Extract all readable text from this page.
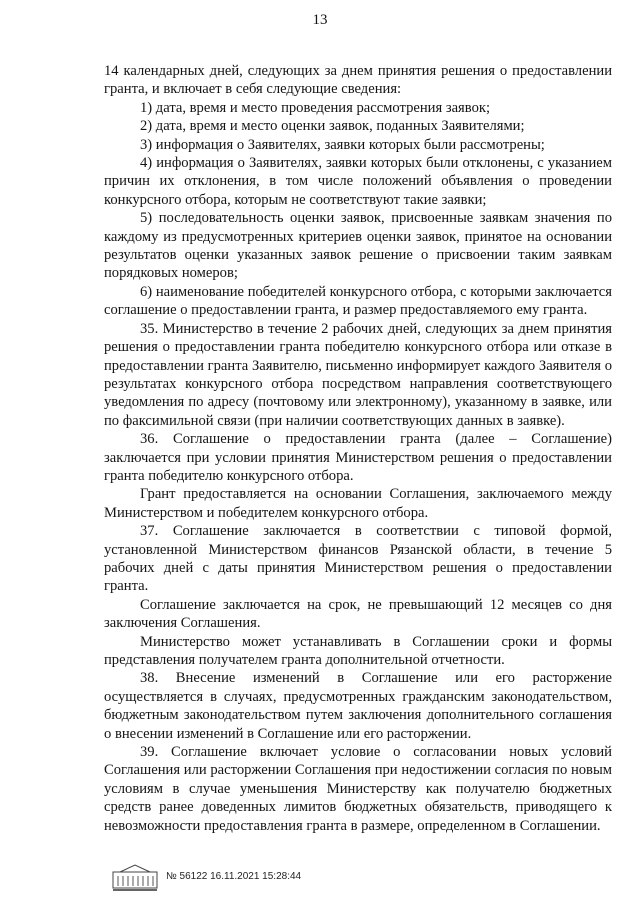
13

14 календарных дней, следующих за днем принятия решения о предоставлении гранта, и включает в себя следующие сведения:

1) дата, время и место проведения рассмотрения заявок;

2) дата, время и место оценки заявок, поданных Заявителями;

3) информация о Заявителях, заявки которых были рассмотрены;

4) информация о Заявителях, заявки которых были отклонены, с указанием причин их отклонения, в том числе положений объявления о проведении конкурсного отбора, которым не соответствуют такие заявки;

5) последовательность оценки заявок, присвоенные заявкам значения по каждому из предусмотренных критериев оценки заявок, принятое на основании результатов оценки указанных заявок решение о присвоении таким заявкам порядковых номеров;

6) наименование победителей конкурсного отбора, с которыми заключается соглашение о предоставлении гранта, и размер предоставляемого ему гранта.

35. Министерство в течение 2 рабочих дней, следующих за днем принятия решения о предоставлении гранта победителю конкурсного отбора или отказе в предоставлении гранта Заявителю, письменно информирует каждого Заявителя о результатах конкурсного отбора посредством направления соответствующего уведомления по адресу (почтовому или электронному), указанному в заявке, или по факсимильной связи (при наличии соответствующих данных в заявке).

36. Соглашение о предоставлении гранта (далее – Соглашение) заключается при условии принятия Министерством решения о предоставлении гранта победителю конкурсного отбора.

Грант предоставляется на основании Соглашения, заключаемого между Министерством и победителем конкурсного отбора.

37. Соглашение заключается в соответствии с типовой формой, установленной Министерством финансов Рязанской области, в течение 5 рабочих дней с даты принятия Министерством решения о предоставлении гранта.

Соглашение заключается на срок, не превышающий 12 месяцев со дня заключения Соглашения.

Министерство может устанавливать в Соглашении сроки и формы представления получателем гранта дополнительной отчетности.

38. Внесение изменений в Соглашение или его расторжение осуществляется в случаях, предусмотренных гражданским законодательством, бюджетным законодательством путем заключения дополнительного соглашения о внесении изменений в Соглашение или его расторжении.

39. Соглашение включает условие о согласовании новых условий Соглашения или расторжении Соглашения при недостижении согласия по новым условиям в случае уменьшения Министерству как получателю бюджетных средств ранее доведенных лимитов бюджетных обязательств, приводящего к невозможности предоставления гранта в размере, определенном в Соглашении.

№ 56122 16.11.2021 15:28:44
